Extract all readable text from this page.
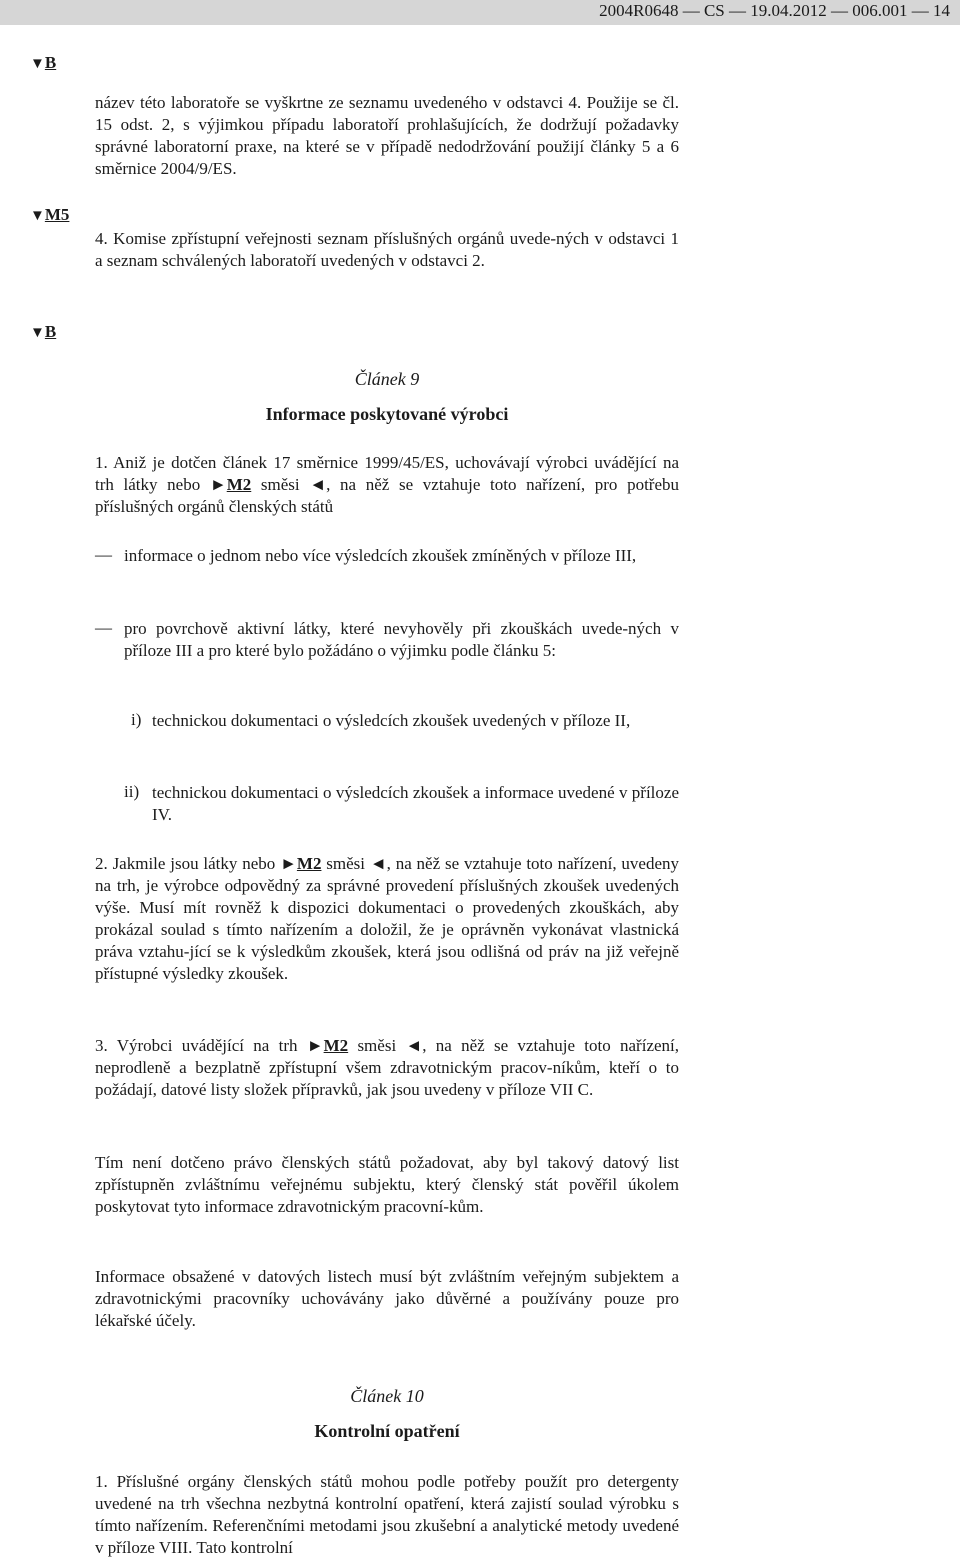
2004R0648 — CS — 19.04.2012 — 006.001 — 14
▼B
▼M5
▼B

název této laboratoře se vyškrtne ze seznamu uvedeného v odstavci 4. Použije se čl. 15 odst. 2, s výjimkou případu laboratoří prohlašujících, že dodržují požadavky správné laboratorní praxe, na které se v případě nedodržování použijí články 5 a 6 směrnice 2004/9/ES.

4. Komise zpřístupní veřejnosti seznam příslušných orgánů uvede-ných v odstavci 1 a seznam schválených laboratoří uvedených v odstavci 2.

Článek 9

Informace poskytované výrobci

1. Aniž je dotčen článek 17 směrnice 1999/45/ES, uchovávají výrobci uvádějící na trh látky nebo ►M2 směsi ◄, na něž se vztahuje toto nařízení, pro potřebu příslušných orgánů členských států

— informace o jednom nebo více výsledcích zkoušek zmíněných v příloze III,

— pro povrchově aktivní látky, které nevyhověly při zkouškách uvede-ných v příloze III a pro které bylo požádáno o výjimku podle článku 5:

i) technickou dokumentaci o výsledcích zkoušek uvedených v příloze II,

ii) technickou dokumentaci o výsledcích zkoušek a informace uvedené v příloze IV.

2. Jakmile jsou látky nebo ►M2 směsi ◄, na něž se vztahuje toto nařízení, uvedeny na trh, je výrobce odpovědný za správné provedení příslušných zkoušek uvedených výše. Musí mít rovněž k dispozici dokumentaci o provedených zkouškách, aby prokázal soulad s tímto nařízením a doložil, že je oprávněn vykonávat vlastnická práva vztahu-jící se k výsledkům zkoušek, která jsou odlišná od práv na již veřejně přístupné výsledky zkoušek.

3. Výrobci uvádějící na trh ►M2 směsi ◄, na něž se vztahuje toto nařízení, neprodleně a bezplatně zpřístupní všem zdravotnickým pracov-níkům, kteří o to požádají, datové listy složek přípravků, jak jsou uvedeny v příloze VII C.

Tím není dotčeno právo členských států požadovat, aby byl takový datový list zpřístupněn zvláštnímu veřejnému subjektu, který členský stát pověřil úkolem poskytovat tyto informace zdravotnickým pracovní-kům.

Informace obsažené v datových listech musí být zvláštním veřejným subjektem a zdravotnickými pracovníky uchovávány jako důvěrné a používány pouze pro lékařské účely.

Článek 10

Kontrolní opatření

1. Příslušné orgány členských států mohou podle potřeby použít pro detergenty uvedené na trh všechna nezbytná kontrolní opatření, která zajistí soulad výrobku s tímto nařízením. Referenčními metodami jsou zkušební a analytické metody uvedené v příloze VIII. Tato kontrolní
